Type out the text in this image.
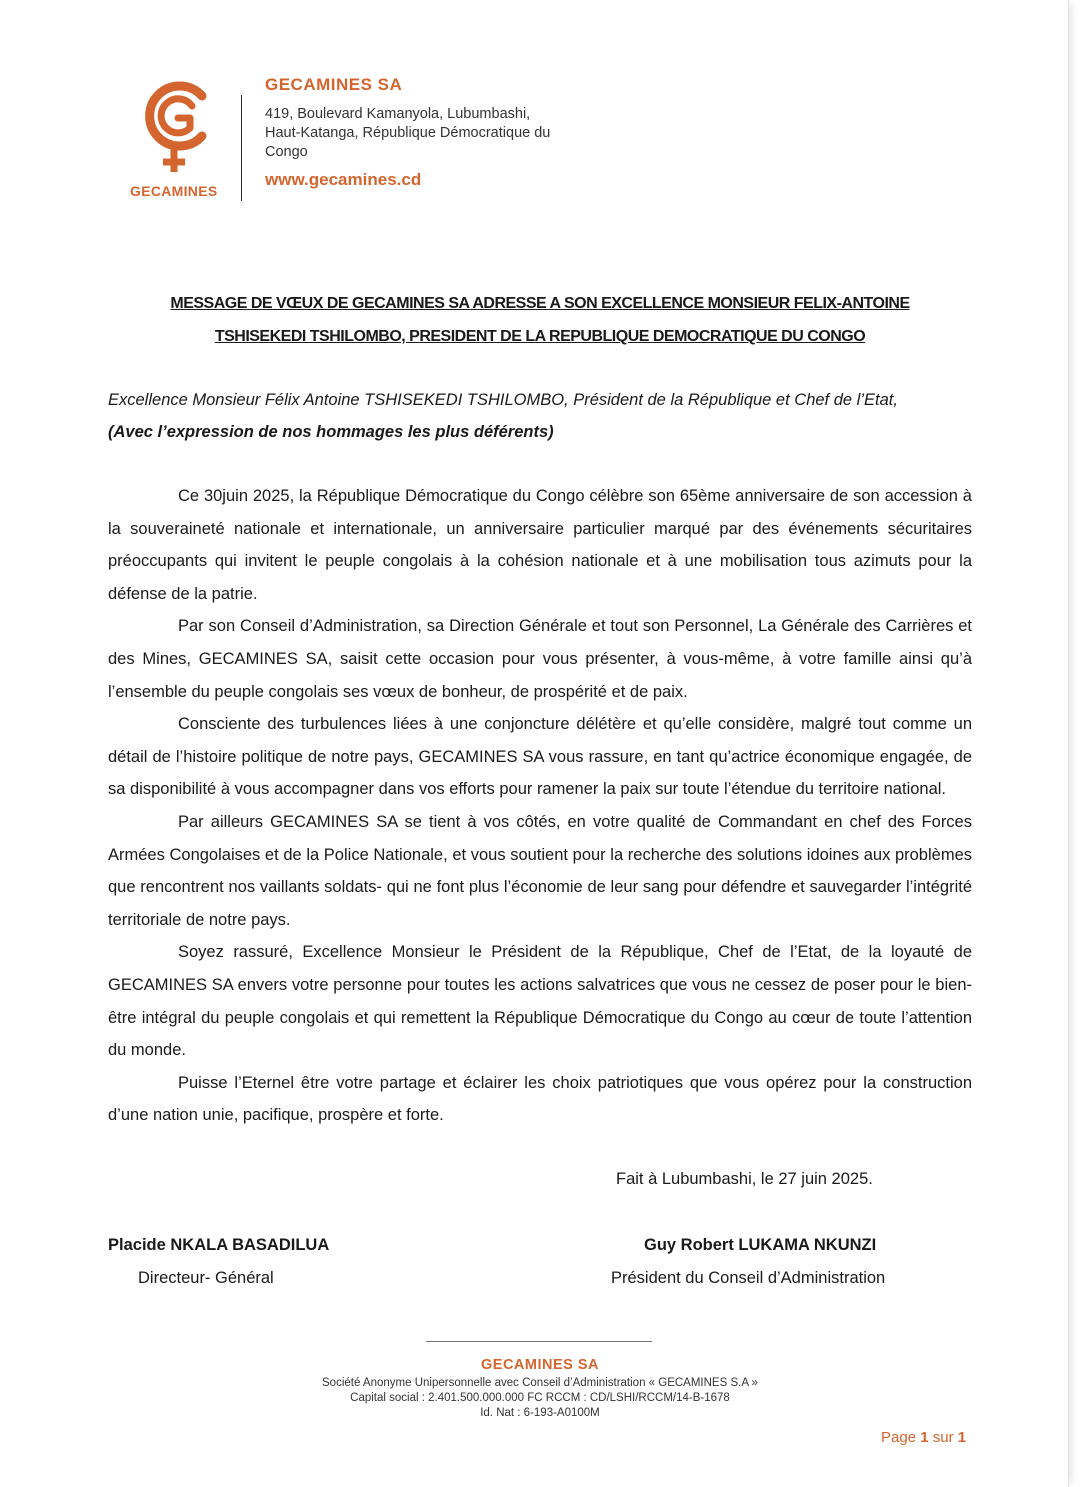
GECAMINES
GECAMINES SA
419, Boulevard Kamanyola, Lubumbashi,
Haut-Katanga, République Démocratique du
Congo
www.gecamines.cd
MESSAGE DE VŒUX DE GECAMINES SA ADRESSE A SON EXCELLENCE MONSIEUR FELIX-ANTOINE
TSHISEKEDI TSHILOMBO, PRESIDENT DE LA REPUBLIQUE DEMOCRATIQUE DU CONGO
Excellence Monsieur Félix Antoine TSHISEKEDI TSHILOMBO, Président de la République et Chef de l’Etat,
(Avec l’expression de nos hommages les plus déférents)

Ce 30juin 2025, la République Démocratique du Congo célèbre son 65ème anniversaire de son accession à la souveraineté nationale et internationale, un anniversaire particulier marqué par des événements sécuritaires préoccupants qui invitent le peuple congolais à la cohésion nationale et à une mobilisation tous azimuts pour la défense de la patrie.

Par son Conseil d’Administration, sa Direction Générale et tout son Personnel, La Générale des Carrières et des Mines, GECAMINES SA, saisit cette occasion pour vous présenter, à vous-même, à votre famille ainsi qu’à l’ensemble du peuple congolais ses vœux de bonheur, de prospérité et de paix.

Consciente des turbulences liées à une conjoncture délétère et qu’elle considère, malgré tout comme un détail de l’histoire politique de notre pays, GECAMINES SA vous rassure, en tant qu’actrice économique engagée, de sa disponibilité à vous accompagner dans vos efforts pour ramener la paix sur toute l’étendue du territoire national.

Par ailleurs GECAMINES SA se tient à vos côtés, en votre qualité de Commandant en chef des Forces Armées Congolaises et de la Police Nationale, et vous soutient pour la recherche des solutions idoines aux problèmes que rencontrent nos vaillants soldats- qui ne font plus l’économie de leur sang pour défendre et sauvegarder l’intégrité territoriale de notre pays.

Soyez rassuré, Excellence Monsieur le Président de la République, Chef de l’Etat, de la loyauté de GECAMINES SA envers votre personne pour toutes les actions salvatrices que vous ne cessez de poser pour le bien-être intégral du peuple congolais et qui remettent la République Démocratique du Congo au cœur de toute l’attention du monde.

Puisse l’Eternel être votre partage et éclairer les choix patriotiques que vous opérez pour la construction d’une nation unie, pacifique, prospère et forte.

Fait à Lubumbashi, le 27 juin 2025.
Placide NKALA BASADILUA
Directeur- Général
Guy Robert LUKAMA NKUNZI
Président du Conseil d’Administration
GECAMINES SA
Société Anonyme Unipersonnelle avec Conseil d’Administration « GECAMINES S.A »
Capital social : 2.401.500.000.000 FC RCCM : CD/LSHI/RCCM/14-B-1678
Id. Nat : 6-193-A0100M
Page 1 sur 1
